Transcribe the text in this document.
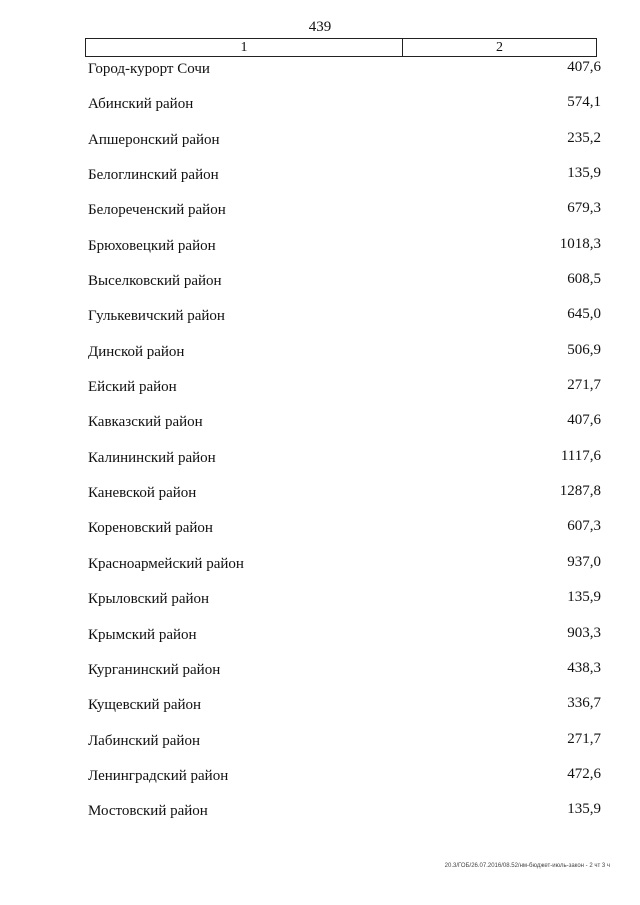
439
1	2
Город-курорт Сочи	407,6
Абинский район	574,1
Апшеронский район	235,2
Белоглинский район	135,9
Белореченский район	679,3
Брюховецкий район	1018,3
Выселковский район	608,5
Гулькевичский район	645,0
Динской район	506,9
Ейский район	271,7
Кавказский район	407,6
Калининский район	1117,6
Каневской район	1287,8
Кореновский район	607,3
Красноармейский район	937,0
Крыловский район	135,9
Крымский район	903,3
Курганинский район	438,3
Кущевский район	336,7
Лабинский район	271,7
Ленинградский район	472,6
Мостовский район	135,9
20.3/ГОБ/26.07.2016/08.52/нм-бюджет-июль-закон - 2 чт 3 ч
